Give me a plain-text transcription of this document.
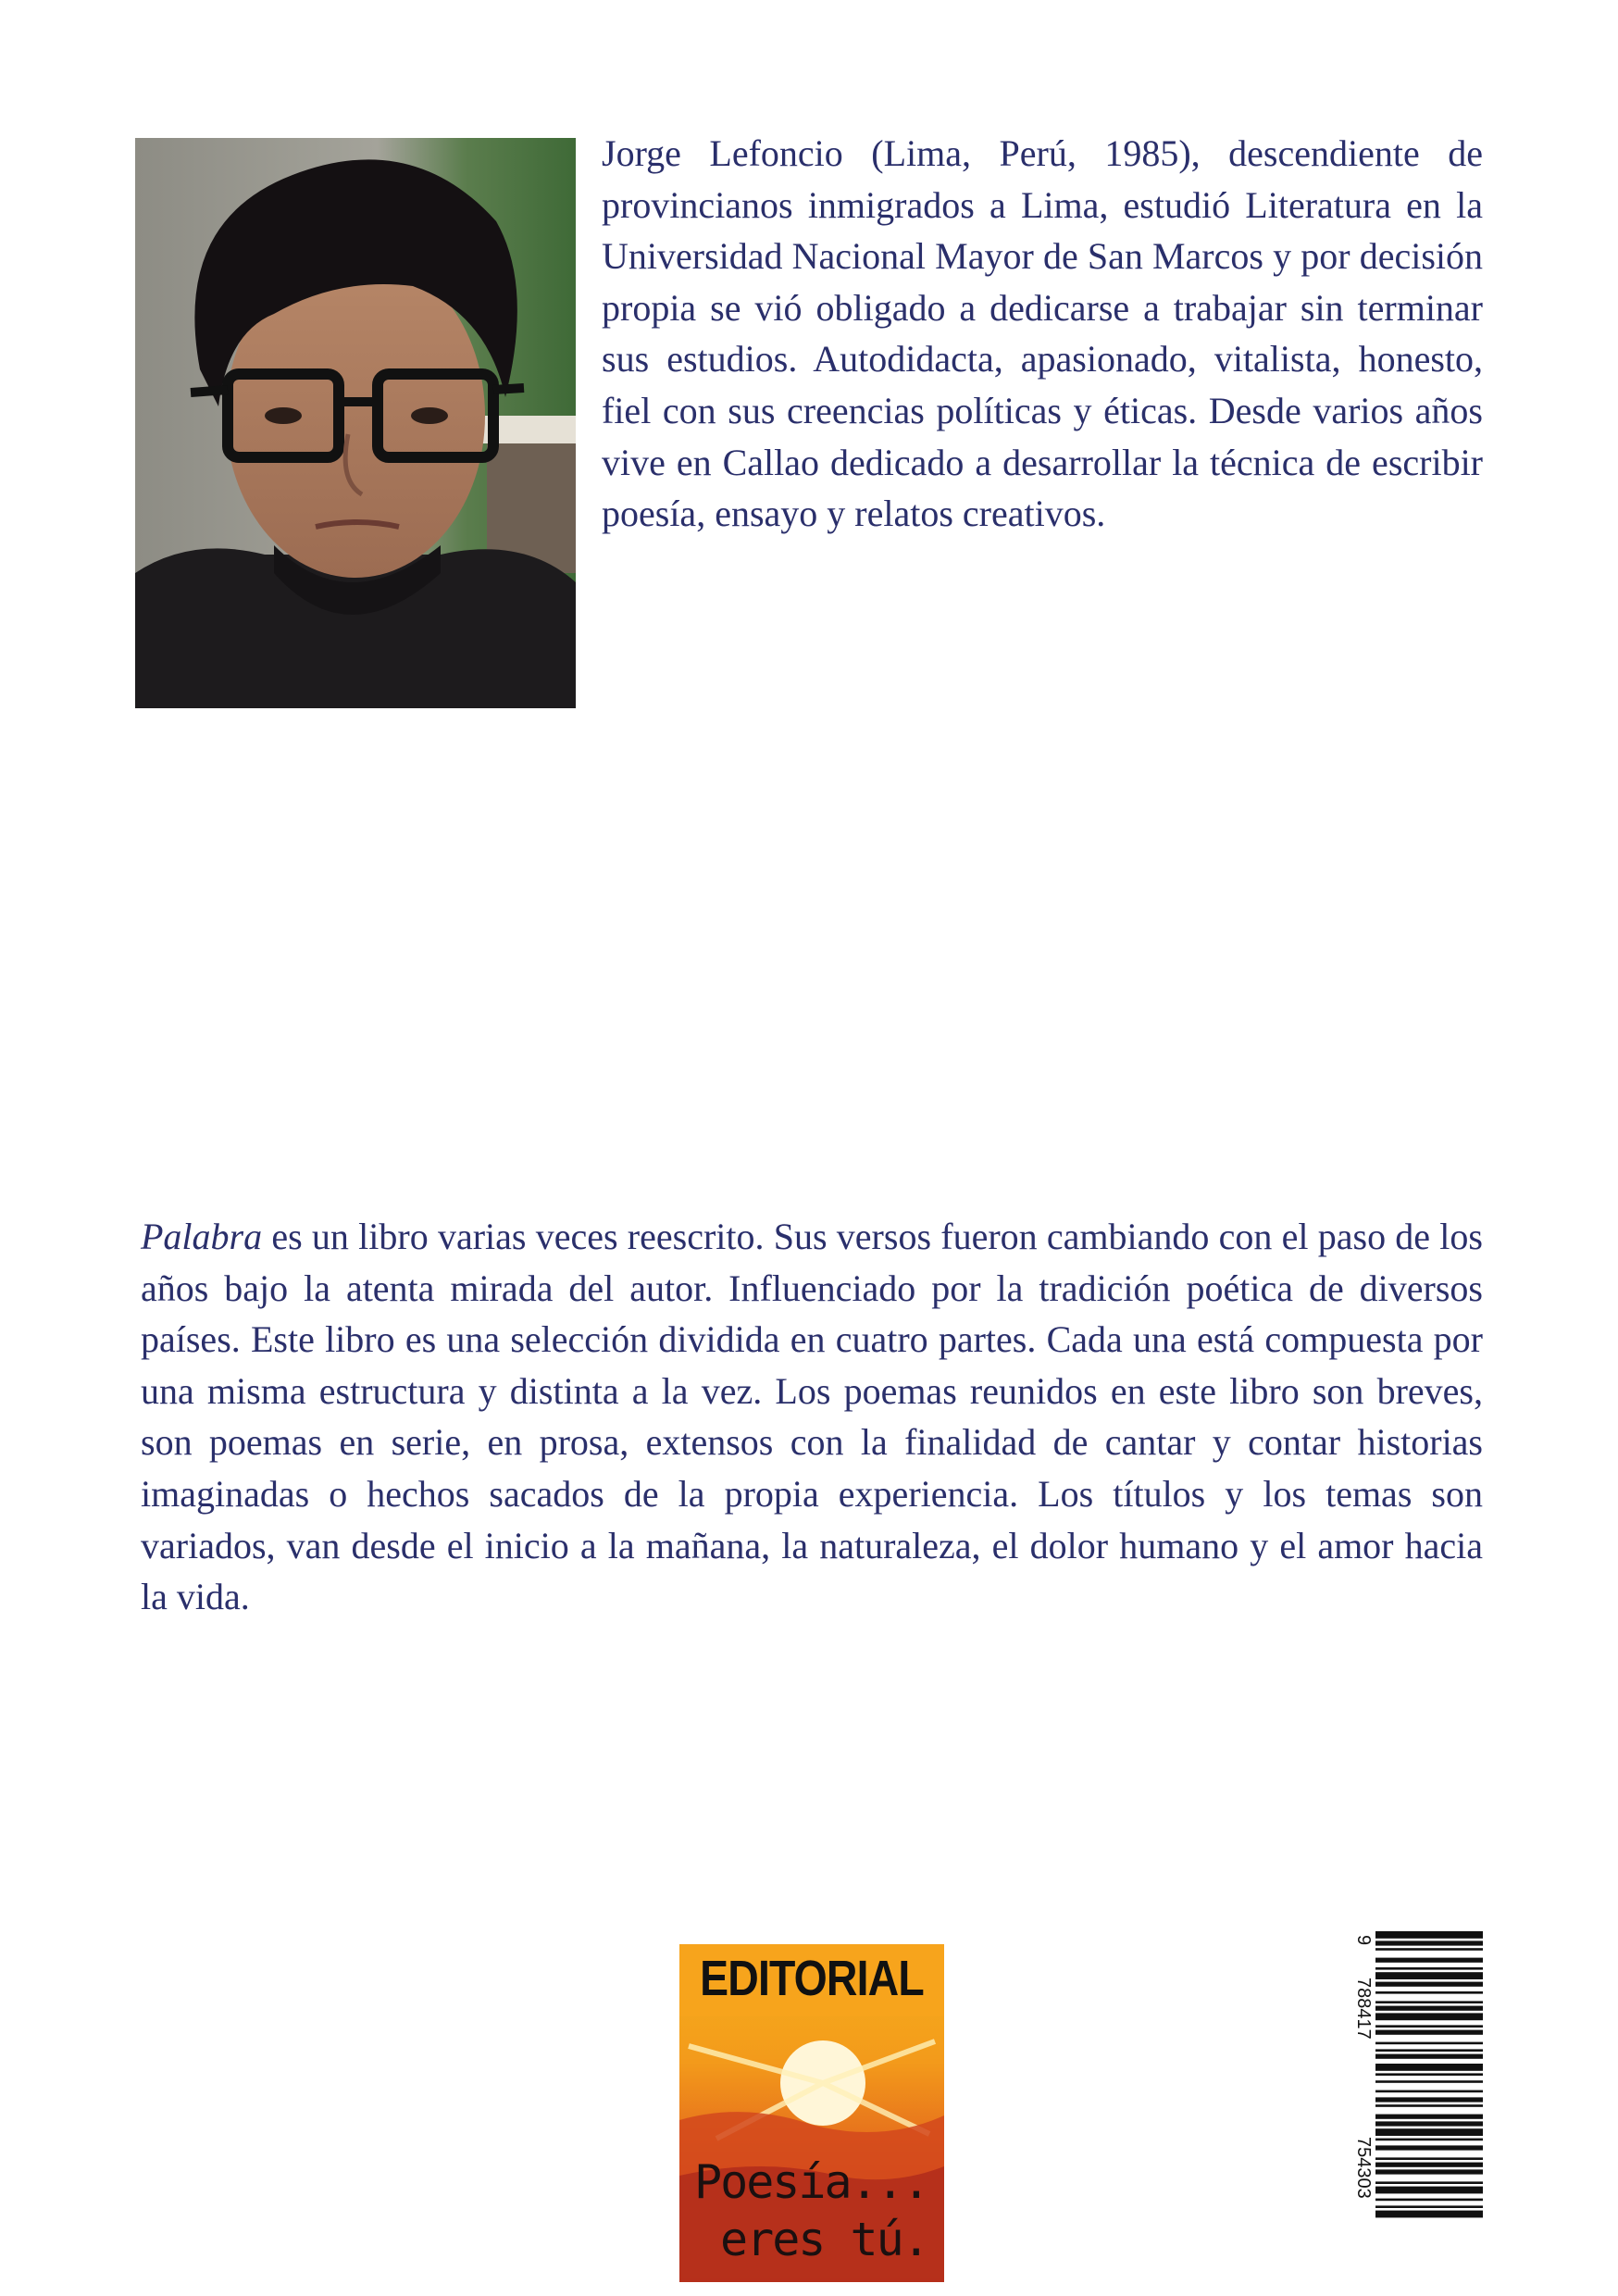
Jorge Lefoncio (Lima, Perú, 1985), descendiente de provincianos inmigrados a Lima, estudió Literatura en la Universidad Nacional Mayor de San Marcos y por decisión propia se vió obligado a dedicarse a trabajar sin terminar sus estudios. Autodidacta, apasionado, vitalista, honesto, fiel con sus creencias políticas y éticas. Desde varios años vive en Callao dedicado a desarrollar la técnica de escribir poesía, ensayo y relatos creativos.

Palabra es un libro varias veces reescrito. Sus versos fueron cambiando con el paso de los años bajo la atenta mirada del autor. Influenciado por la tradición poética de diversos países. Este libro es una selección dividida en cuatro partes. Cada una está compuesta por una misma estructura y distinta a la vez. Los poemas reunidos en este libro son breves, son poemas en serie, en prosa, extensos con la finalidad de cantar y contar historias imaginadas o hechos sacados de la propia experiencia. Los títulos y los temas son variados, van desde el inicio a la mañana, la naturaleza, el dolor humano y el amor hacia la vida.

EDITORIAL
Poesía...
eres tú.
9
788417
754303
